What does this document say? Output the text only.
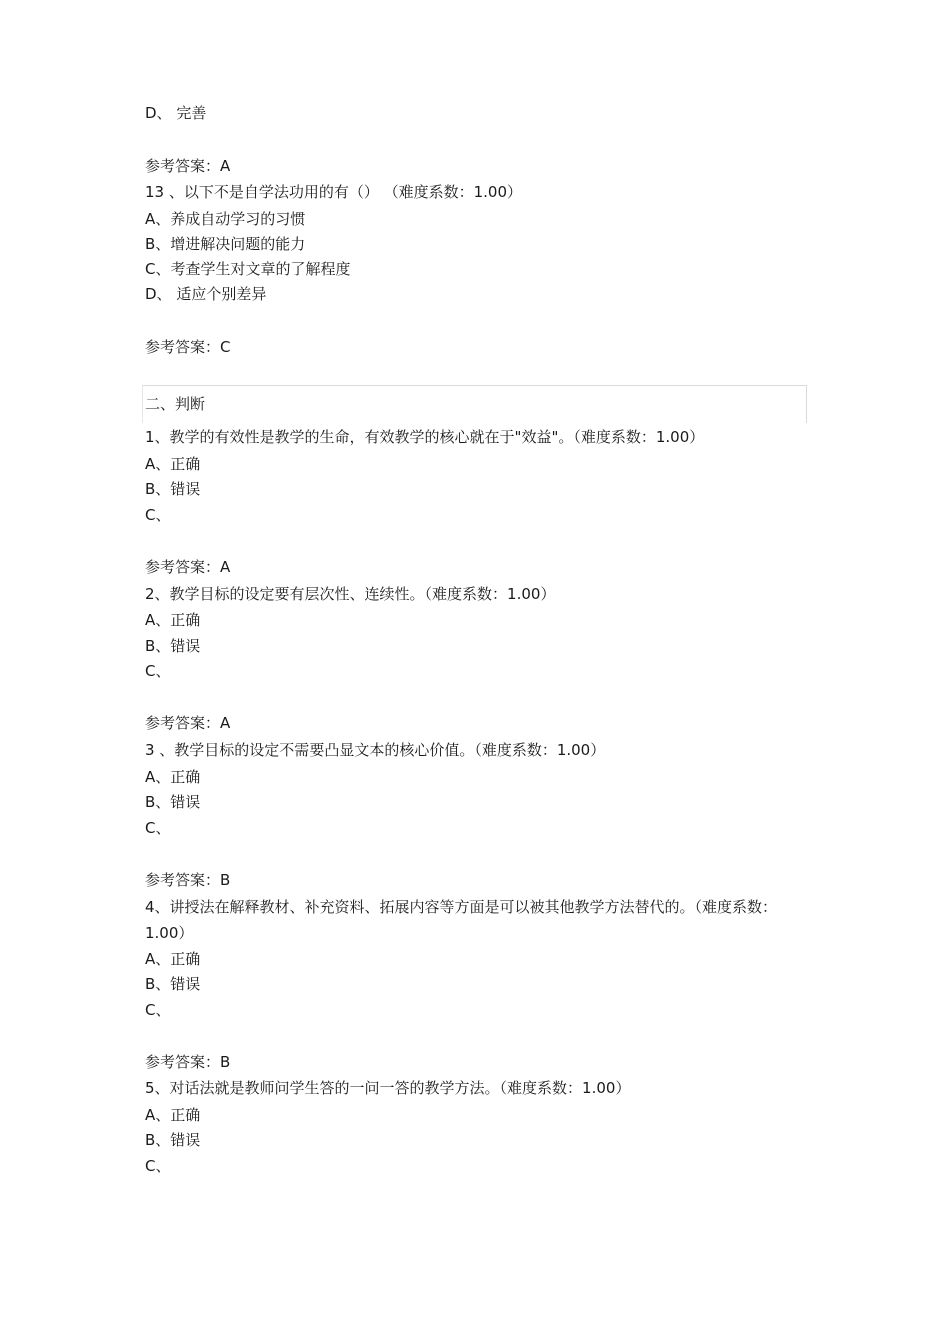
D、 完善
参考答案：A
13 、以下不是自学法功用的有（） （难度系数：1.00）
A、养成自动学习的习惯
B、增进解决问题的能力
C、考查学生对文章的了解程度
D、 适应个别差异
参考答案：C
二、判断
1、教学的有效性是教学的生命，有效教学的核心就在于"效益"。（难度系数：1.00）
A、正确
B、错误
C、
参考答案：A
2、教学目标的设定要有层次性、连续性。（难度系数：1.00）
A、正确
B、错误
C、
参考答案：A
3 、教学目标的设定不需要凸显文本的核心价值。（难度系数：1.00）
A、正确
B、错误
C、
参考答案：B
4、讲授法在解释教材、补充资料、拓展内容等方面是可以被其他教学方法替代的。（难度系数：1.00）
A、正确
B、错误
C、
参考答案：B
5、对话法就是教师问学生答的一问一答的教学方法。（难度系数：1.00）
A、正确
B、错误
C、
